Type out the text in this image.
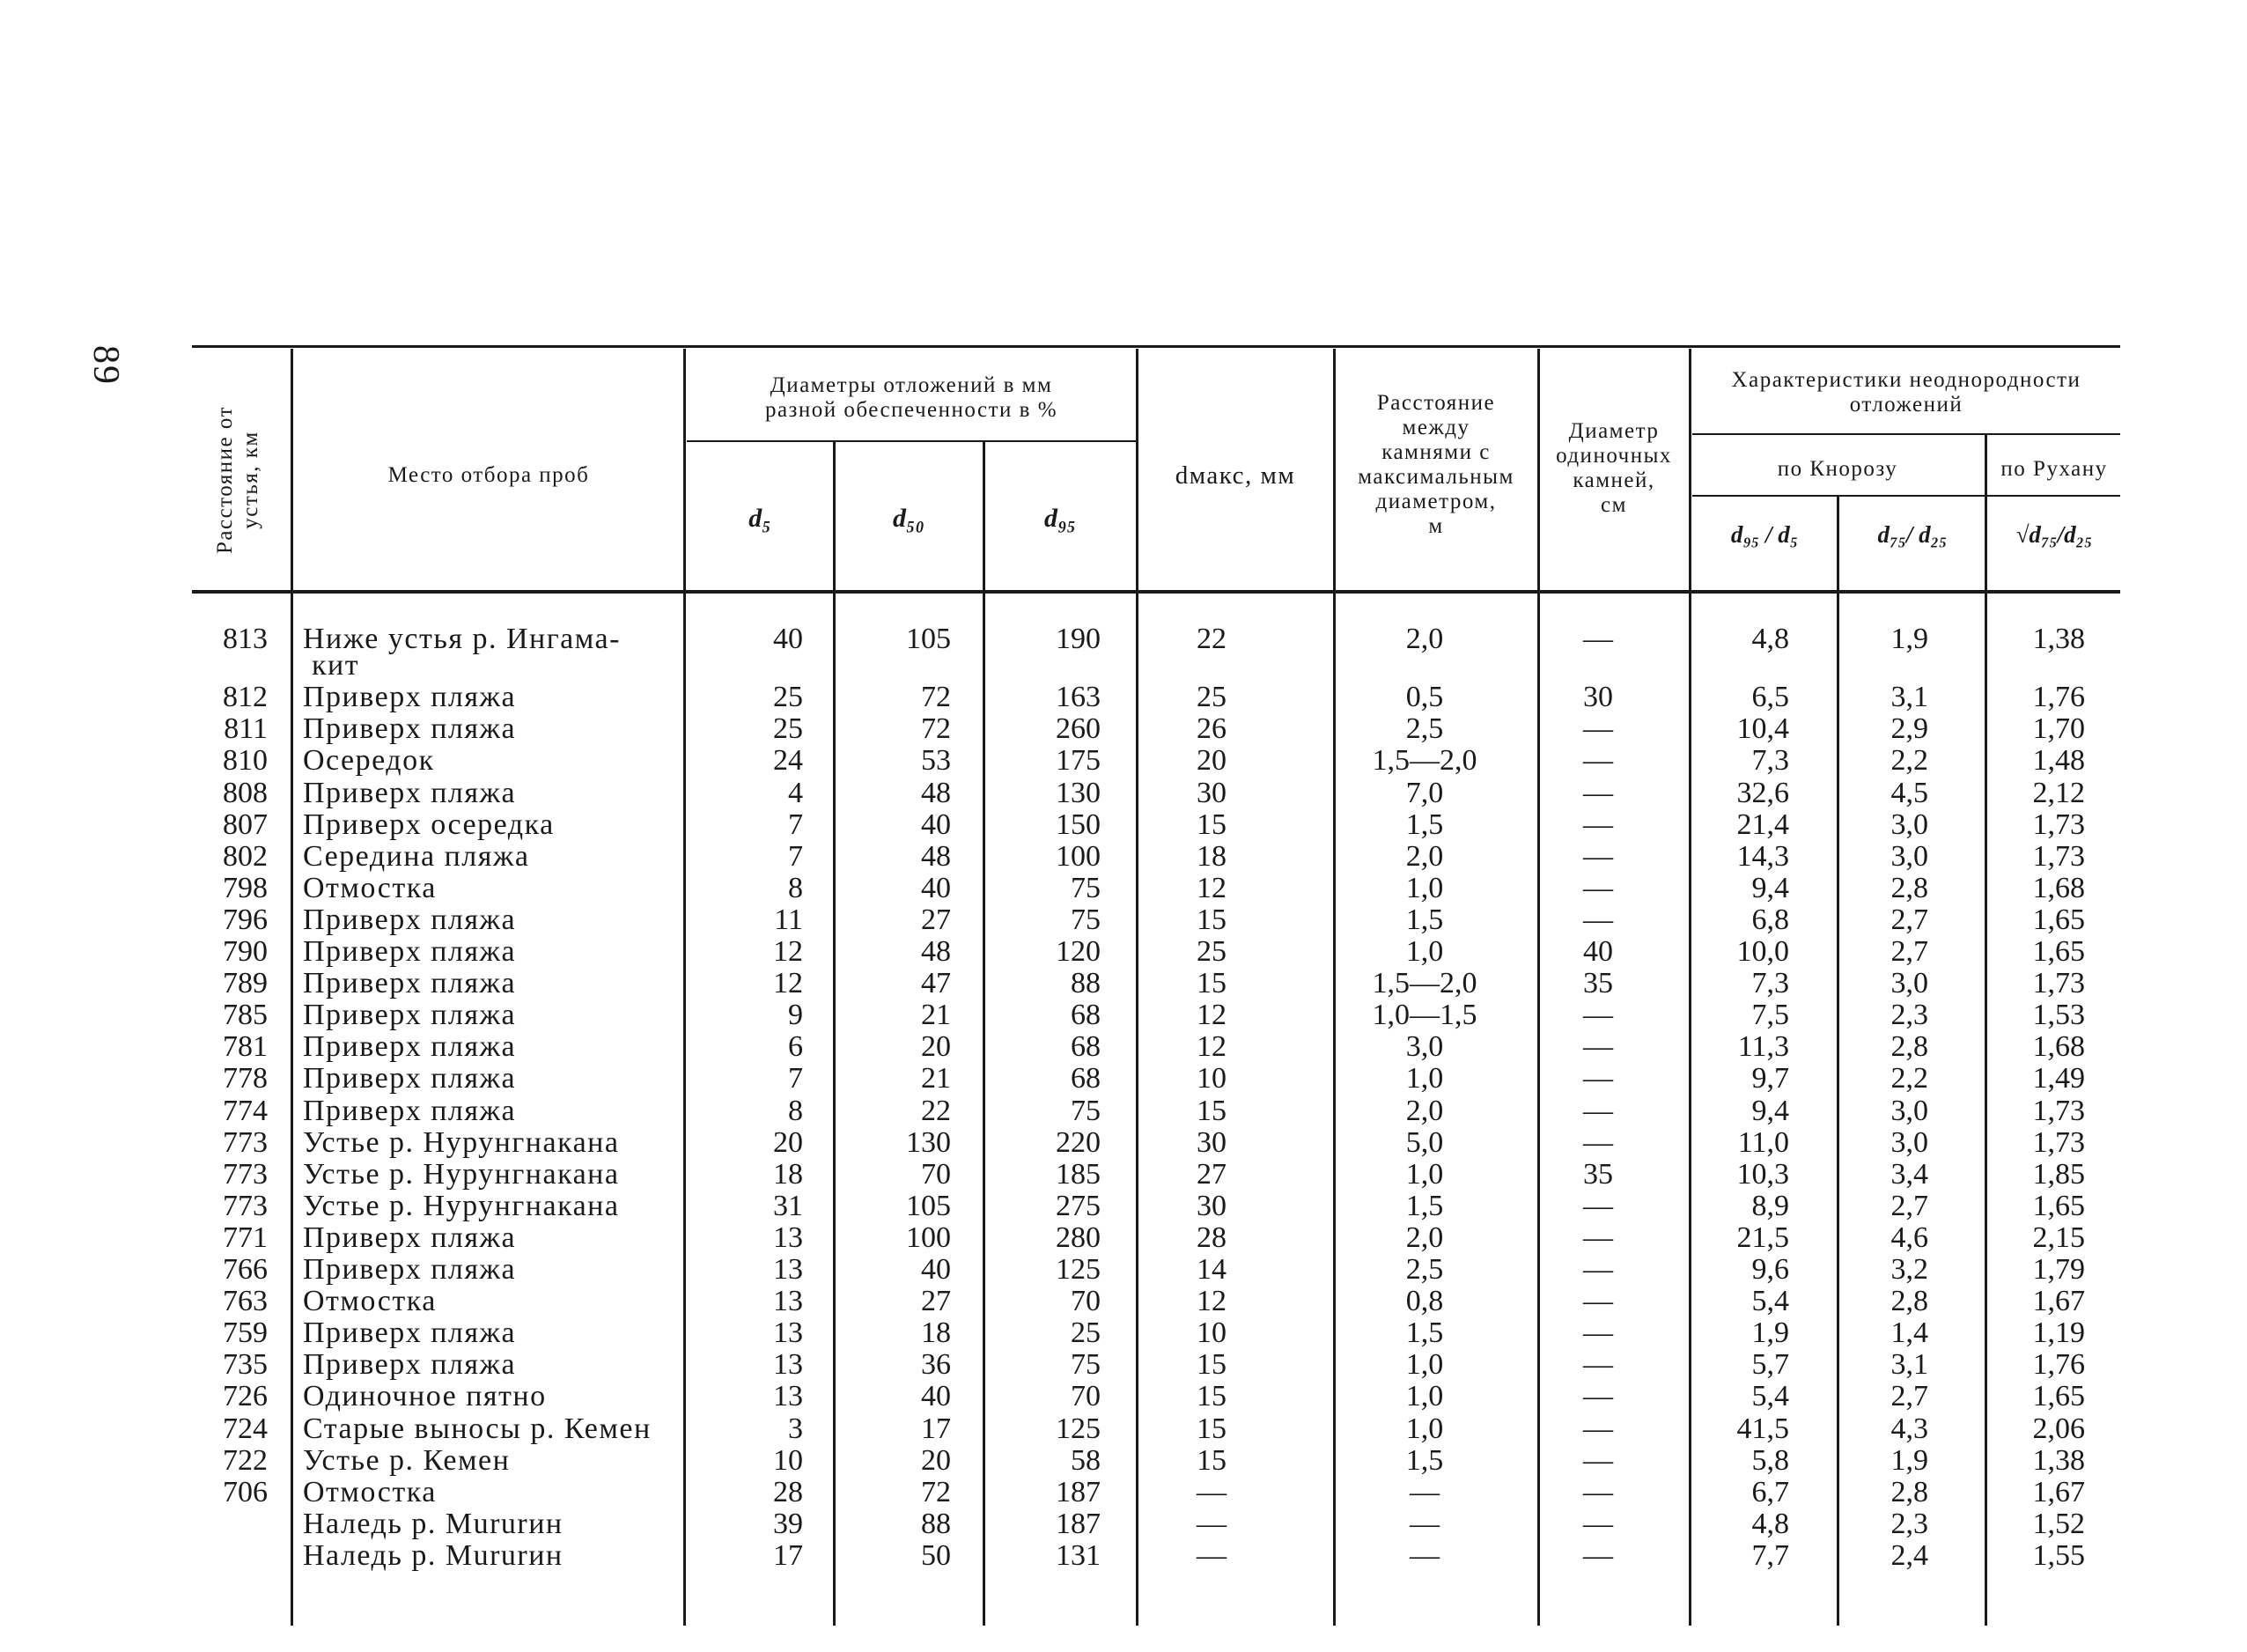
89
Расстояние от
устья, км
Место отбора проб
Диаметры отложений в мм
разной обеспеченности в %
d₅	d₅₀	d₉₅
dмакс, мм
Расстояние
между
камнями с
максимальным
диаметром,
м
Диаметр
одиночных
камней,
см
Характеристики неоднородности
отложений
по Кнорозу	по Рухану
d₉₅ / d₅	d₇₅/ d₂₅	√d₇₅/d₂₅
813 Ниже устья р. Ингама-	40	105	190	22	2,0	—	4,8	1,9	1,38
кит
812 Приверх пляжа	25	72	163	25	0,5	30	6,5	3,1	1,76
811 Приверх пляжа	25	72	260	26	2,5	—	10,4	2,9	1,70
810 Осередок	24	53	175	20	1,5—2,0	—	7,3	2,2	1,48
808 Приверх пляжа	4	48	130	30	7,0	—	32,6	4,5	2,12
807 Приверх осередка	7	40	150	15	1,5	—	21,4	3,0	1,73
802 Середина пляжа	7	48	100	18	2,0	—	14,3	3,0	1,73
798 Отмостка	8	40	75	12	1,0	—	9,4	2,8	1,68
796 Приверх пляжа	11	27	75	15	1,5	—	6,8	2,7	1,65
790 Приверх пляжа	12	48	120	25	1,0	40	10,0	2,7	1,65
789 Приверх пляжа	12	47	88	15	1,5—2,0	35	7,3	3,0	1,73
785 Приверх пляжа	9	21	68	12	1,0—1,5	—	7,5	2,3	1,53
781 Приверх пляжа	6	20	68	12	3,0	—	11,3	2,8	1,68
778 Приверх пляжа	7	21	68	10	1,0	—	9,7	2,2	1,49
774 Приверх пляжа	8	22	75	15	2,0	—	9,4	3,0	1,73
773 Устье р. Нурунгнакана	20	130	220	30	5,0	—	11,0	3,0	1,73
773 Устье р. Нурунгнакана	18	70	185	27	1,0	35	10,3	3,4	1,85
773 Устье р. Нурунгнакана	31	105	275	30	1,5	—	8,9	2,7	1,65
771 Приверх пляжа	13	100	280	28	2,0	—	21,5	4,6	2,15
766 Приверх пляжа	13	40	125	14	2,5	—	9,6	3,2	1,79
763 Отмостка	13	27	70	12	0,8	—	5,4	2,8	1,67
759 Приверх пляжа	13	18	25	10	1,5	—	1,9	1,4	1,19
735 Приверх пляжа	13	36	75	15	1,0	—	5,7	3,1	1,76
726 Одиночное пятно	13	40	70	15	1,0	—	5,4	2,7	1,65
724 Старые выносы р. Кемен	3	17	125	15	1,0	—	41,5	4,3	2,06
722 Устье р. Кемен	10	20	58	15	1,5	—	5,8	1,9	1,38
706 Отмостка	28	72	187	—	—	—	6,7	2,8	1,67
Наледь р. Мururин	39	88	187	—	—	—	4,8	2,3	1,52
Наледь р. Мururин	17	50	131	—	—	—	7,7	2,4	1,55
